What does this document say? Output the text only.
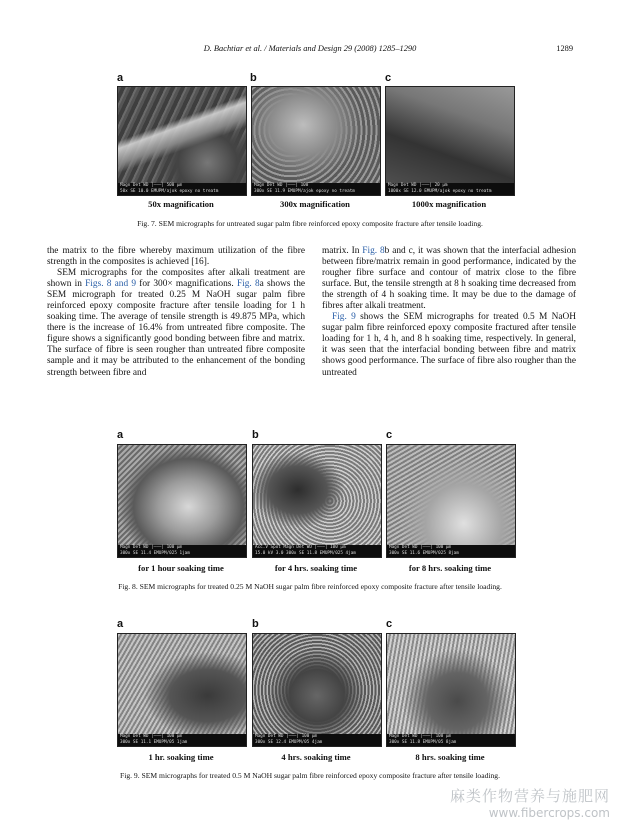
D. Bachtiar et al. / Materials and Design 29 (2008) 1285–1290	1289
a	b	c
Magn Det WD |———| 500 µm
50x SE 10.0 EMUPM/ajok epoxy no treatm
Magn Det WD |———| 100
300x SE 11.9 EMUPM/ajok epoxy no treatm
Magn Det WD |———| 20 µm
1000x SE 12.0 EMUPM/ajok epoxy no treatm
50x magnification	300x magnification	1000x magnification
Fig. 7. SEM micrographs for untreated sugar palm fibre reinforced epoxy composite fracture after tensile loading.

the matrix to the fibre whereby maximum utilization of the fibre strength in the composites is achieved [16].

SEM micrographs for the composites after alkali treatment are shown in Figs. 8 and 9 for 300× magnifications. Fig. 8a shows the SEM micrograph for treated 0.25 M NaOH sugar palm fibre reinforced epoxy composite fracture after tensile loading for 1 h soaking time. The average of tensile strength is 49.875 MPa, which there is the increase of 16.4% from untreated fibre composite. The figure shows a significantly good bonding between fibre and matrix. The surface of fibre is seen rougher than untreated fibre composite sample and it may be attributed to the enhancement of the bonding strength between fibre and

matrix. In Fig. 8b and c, it was shown that the interfacial adhesion between fibre/matrix remain in good performance, indicated by the rougher fibre surface and contour of matrix close to the fibre surface. But, the tensile strength at 8 h soaking time decreased from the strength of 4 h soaking time. It may be due to the damage of fibres after alkali treatment.

Fig. 9 shows the SEM micrographs for treated 0.5 M NaOH sugar palm fibre reinforced epoxy composite fractured after tensile loading for 1 h, 4 h, and 8 h soaking time, respectively. In general, it was seen that the interfacial bonding between fibre and matrix shows good performance. The surface of fibre also rougher than the untreated

a	b	c
Magn Det WD |———| 100 µm
300x SE 11.4 EMUPM/025 1jam
Acc.V Spot Magn Det WD |———| 100 µm
15.0 kV 3.0 300x SE 11.8 EMUPM/025 4jam
Magn Det WD |———| 100 µm
300x SE 11.6 EMUPM/025 8jam
for 1 hour soaking time	for 4 hrs. soaking time	for 8 hrs. soaking time
Fig. 8. SEM micrographs for treated 0.25 M NaOH sugar palm fibre reinforced epoxy composite fracture after tensile loading.
a	b	c
Magn Det WD |———| 100 µm
300x SE 11.1 EMUPM/05 1jam
Magn Det WD |———| 100 µm
300x SE 12.4 EMUPM/05 4jam
Magn Det WD |———| 100 µm
300x SE 11.8 EMUPM/05 8jam
1 hr. soaking time	4 hrs. soaking time	8 hrs. soaking time
Fig. 9. SEM micrographs for treated 0.5 M NaOH sugar palm fibre reinforced epoxy composite fracture after tensile loading.
麻类作物营养与施肥网
www.fibercrops.com
